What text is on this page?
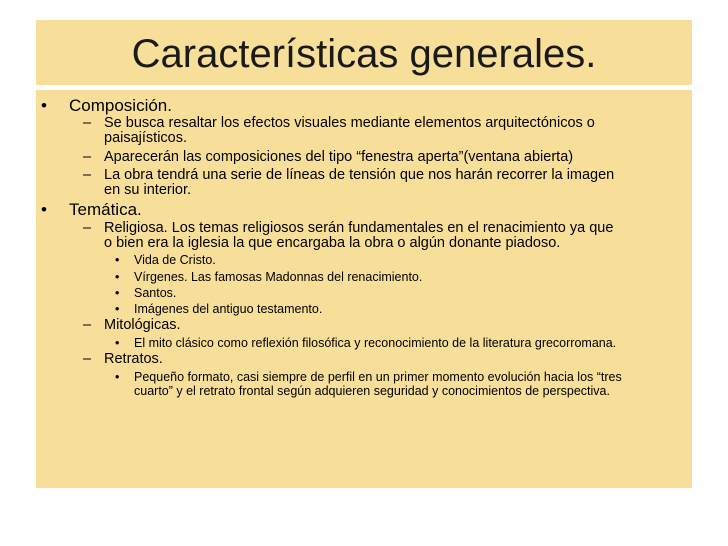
Características generales.
• Composición.
– Se busca resaltar los efectos visuales mediante elementos arquitectónicos o
paisajísticos.
– Aparecerán las composiciones del tipo “fenestra aperta”(ventana abierta)
– La obra tendrá una serie de líneas de tensión que nos harán recorrer la imagen
en su interior.
• Temática.
– Religiosa. Los temas religiosos serán fundamentales en el renacimiento ya que
o bien era la iglesia la que encargaba la obra o algún donante piadoso.
• Vida de Cristo.
• Vírgenes. Las famosas Madonnas del renacimiento.
• Santos.
• Imágenes del antiguo testamento.
– Mitológicas.
• El mito clásico como reflexión filosófica y reconocimiento de la literatura grecorromana.
– Retratos.
• Pequeño formato, casi siempre de perfil en un primer momento evolución hacia los “tres
cuarto” y el retrato frontal según adquieren seguridad y conocimientos de perspectiva.
